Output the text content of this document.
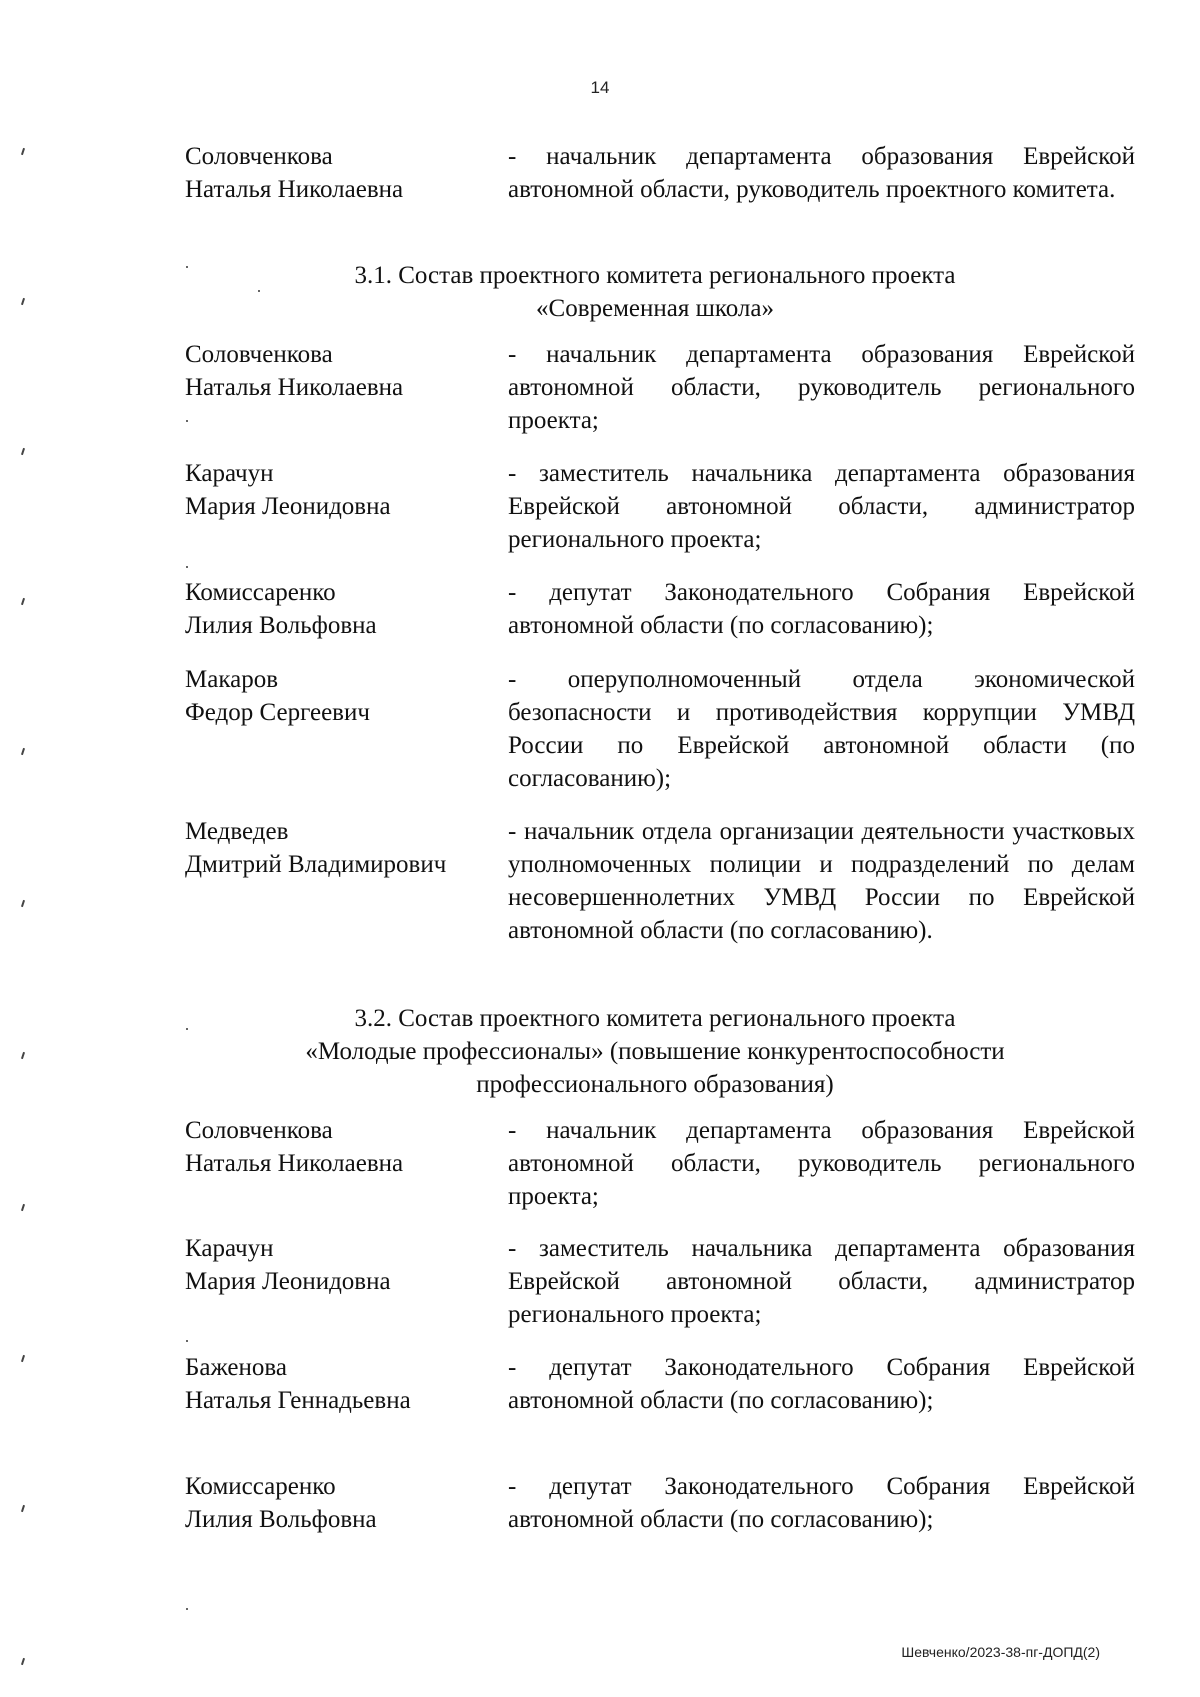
14
Соловченкова
Наталья Николаевна
- начальник департамента образования Еврейской автономной области, руководитель проектного комитета.
3.1. Состав проектного комитета регионального проекта
«Современная школа»
Соловченкова
Наталья Николаевна
- начальник департамента образования Еврейской автономной области, руководитель регионального проекта;
Карачун
Мария Леонидовна
- заместитель начальника департамента образования Еврейской автономной области, администратор регионального проекта;
Комиссаренко
Лилия Вольфовна
- депутат Законодательного Собрания Еврейской автономной области (по согласованию);
Макаров
Федор Сергеевич
- оперуполномоченный отдела экономической безопасности и противодействия коррупции УМВД России по Еврейской автономной области (по согласованию);
Медведев
Дмитрий Владимирович
- начальник отдела организации деятельности участковых уполномоченных полиции и подразделений по делам несовершеннолетних УМВД России по Еврейской автономной области (по согласованию).
3.2. Состав проектного комитета регионального проекта
«Молодые профессионалы» (повышение конкурентоспособности
профессионального образования)
Соловченкова
Наталья Николаевна
- начальник департамента образования Еврейской автономной области, руководитель регионального проекта;
Карачун
Мария Леонидовна
- заместитель начальника департамента образования Еврейской автономной области, администратор регионального проекта;
Баженова
Наталья Геннадьевна
- депутат Законодательного Собрания Еврейской автономной области (по согласованию);
Комиссаренко
Лилия Вольфовна
- депутат Законодательного Собрания Еврейской автономной области (по согласованию);
Шевченко/2023-38-пг-ДОПД(2)
